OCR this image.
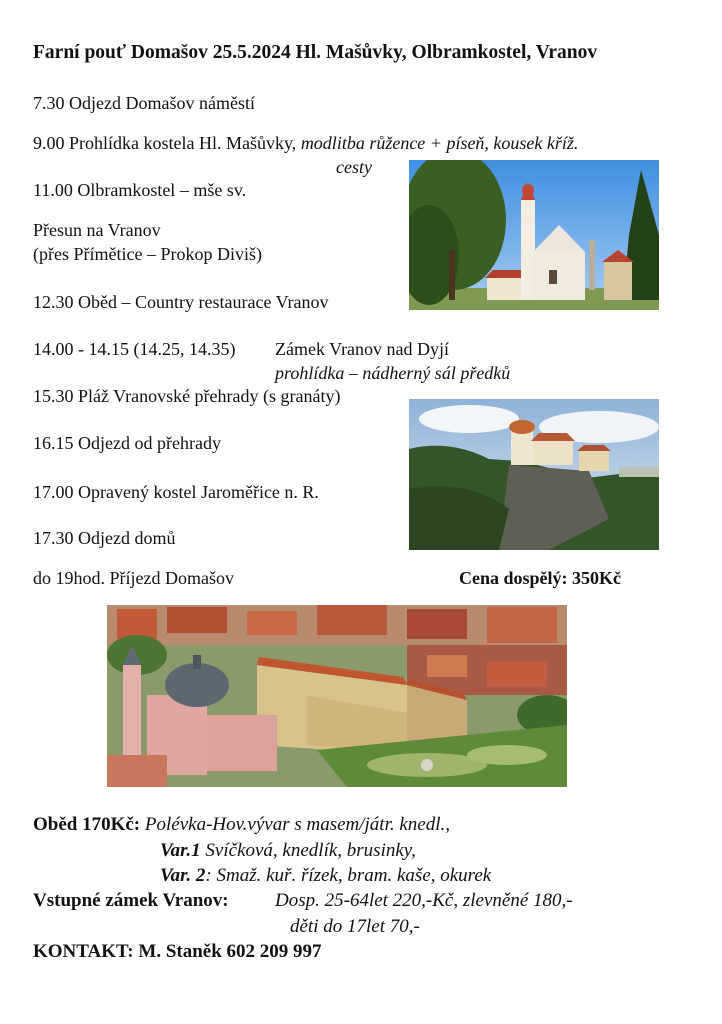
Farní pouť Domašov 25.5.2024 Hl. Mašůvky, Olbramkostel, Vranov
7.30 Odjezd Domašov náměstí
9.00 Prohlídka kostela Hl. Mašůvky, modlitba růžence + píseň, kousek kříž.
cesty
11.00 Olbramkostel – mše sv.
Přesun na Vranov
(přes Přímětice – Prokop Diviš)
12.30 Oběd – Country restaurace Vranov
14.00 - 14.15 (14.25, 14.35) Zámek Vranov nad Dyjí
prohlídka – nádherný sál předků
15.30 Pláž Vranovské přehrady (s granáty)
16.15 Odjezd od přehrady
17.00 Opravený kostel Jaroměřice n. R.
17.30 Odjezd domů
do 19hod. Příjezd Domašov	Cena dospělý: 350Kč
Oběd 170Kč: Polévka-Hov.vývar s masem/játr. knedl.,
Var.1 Svíčková, knedlík, brusinky,
Var. 2: Smaž. kuř. řízek, bram. kaše, okurek
Vstupné zámek Vranov: Dosp. 25-64let 220,-Kč, zlevněné 180,-
děti do 17let 70,-
KONTAKT: M. Staněk 602 209 997
